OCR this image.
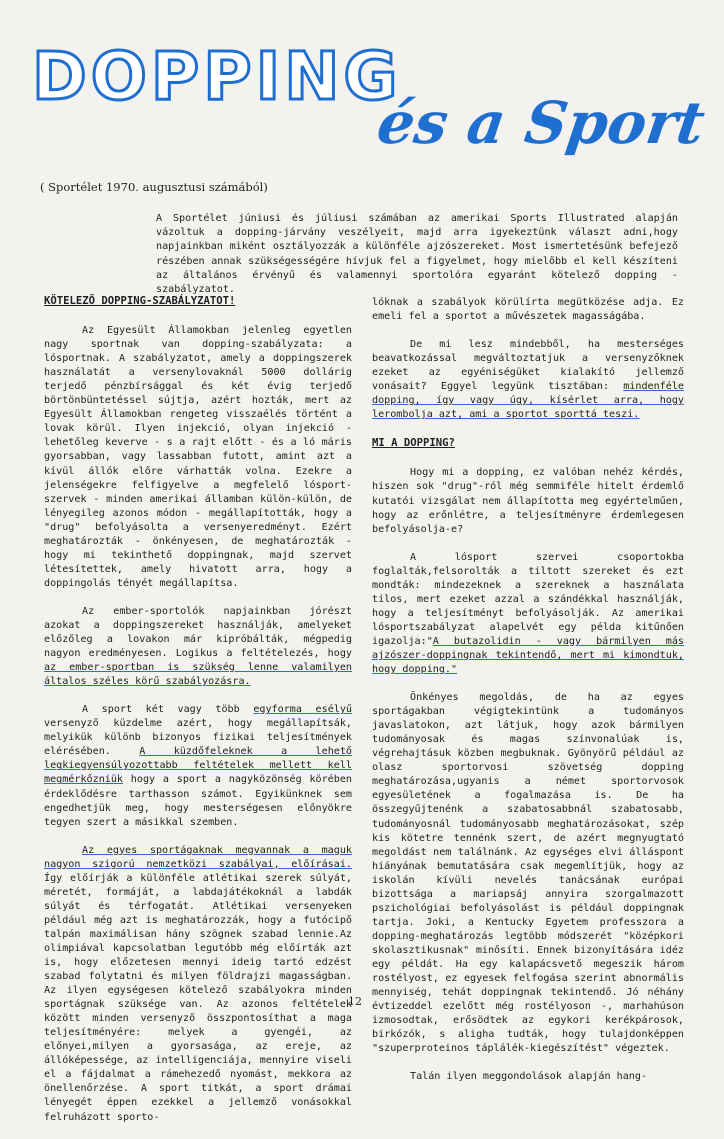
DOPPING
és a Sport

( Sportélet 1970. augusztusi számából)

A Sportélet júniusi és júliusi számában az amerikai Sports Illustrated alapján vázoltuk a dopping-járvány veszélyeit, majd arra igyekeztünk választ adni,hogy napjainkban miként osztályozzák a különféle ajzószereket. Most ismertetésünk befejező részében annak szükségességére hívjuk fel a figyelmet, hogy mielőbb el kell készíteni az általános érvényű és valamennyi sportolóra egyaránt kötelező dopping - szabályzatot.

KÖTELEZŐ DOPPING-SZABÁLYZATOT!

Az Egyesült Államokban jelenleg egyetlen nagy sportnak van dopping-szabályzata: a lósportnak. A szabályzatot, amely a doppingszerek használatát a versenylovaknál 5000 dollárig terjedő pénzbírsággal és két évig terjedő börtönbüntetéssel sújtja, azért hozták, mert az Egyesült Államokban rengeteg visszaélés történt a lovak körül. Ilyen injekció, olyan injekció - lehetőleg keverve - s a rajt előtt - és a ló máris gyorsabban, vagy lassabban futott, amint azt a kívül állók előre várhatták volna. Ezekre a jelenségekre felfigyelve a megfelelő lósport-szervek - minden amerikai államban külön-külön, de lényegileg azonos módon - megállapították, hogy a "drug" befolyásolta a versenyeredményt. Ezért meghatározták - önkényesen, de meghatározták - hogy mi tekinthető doppingnak, majd szervet létesítettek, amely hivatott arra, hogy a doppingolás tényét megállapítsa.

Az ember-sportolók napjainkban jórészt azokat a doppingszereket használják, amelyeket előzőleg a lovakon már kipróbálták, mégpedig nagyon eredményesen. Logikus a feltételezés, hogy az ember-sportban is szükség lenne valamilyen általos széles körű szabályozásra.

A sport két vagy több egyforma esélyű versenyző küzdelme azért, hogy megállapítsák, melyikük különb bizonyos fizikai teljesítmények elérésében.	A küzdőfeleknek a lehető legkiegyensúlyozottabb feltételek mellett kell megmérkőzniük hogy a sport a nagyközönség körében érdeklődésre tarthasson számot. Egyikünknek sem engedhetjük meg, hogy mesterségesen előnyökre tegyen szert a másikkal szemben.

Az egyes sportágaknak megvannak a maguk nagyon szigorú nemzetközi szabályai, előírásai. Így előírják a különféle atlétikai szerek súlyát, méretét, formáját, a labdajátékoknál a labdák súlyát és térfogatát. Atlétikai versenyeken például még azt is meghatározzák, hogy a futócipő talpán maximálisan hány szögnek szabad lennie.Az olimpiával kapcsolatban legutóbb még előírták azt is, hogy előzetesen mennyi ideig tartó edzést szabad folytatni és milyen földrajzi magasságban. Az ilyen egységesen kötelező szabályokra minden sportágnak szüksége van. Az azonos feltételek között minden versenyző összpontosíthat a maga teljesítményére: melyek a gyengéi, az előnyei,milyen a gyorsasága, az ereje, az állóképessége, az intelligenciája, mennyire viseli el a fájdalmat a rámehezedő nyomást, mekkora az önellenőrzése. A sport titkát, a sport drámai lényegét éppen ezekkel a jellemző vonásokkal felruházott sporto-

lóknak a szabályok körülírta megütközése adja. Ez emeli fel a sportot a művészetek magasságába.

De mi lesz mindebből, ha mesterséges beavatkozással megváltoztatjuk a versenyzőknek ezeket az egyéniségüket kialakító jellemző vonásait? Eggyel legyünk tisztában: mindenféle dopping, így vagy úgy, kísérlet arra, hogy lerombolja azt, ami a sportot sporttá teszi.

MI A DOPPING?

Hogy mi a dopping, ez valóban nehéz kérdés, hiszen sok "drug"-ról még semmiféle hitelt érdemlő kutatói vizsgálat nem állapította meg egyértelműen, hogy az erőnlétre, a teljesítményre érdemlegesen befolyásolja-e?

A lósport szervei csoportokba foglalták,felsorolták a tiltott szereket és ezt mondták: mindezeknek a szereknek a használata tilos, mert ezeket azzal a szándékkal használják, hogy a teljesítményt befolyásolják. Az amerikai lósportszabályzat alapelvét egy példa kitűnően igazolja:"A butazolidin - vagy bármilyen más ajzószer-doppingnak tekintendő, mert mi kimondtuk, hogy dopping."

Önkényes megoldás, de ha az egyes sportágakban végigtekintünk a tudományos javaslatokon, azt látjuk, hogy azok bármilyen tudományosak és magas színvonalúak is, végrehajtásuk közben megbuknak. Gyönyörű például az olasz sportorvosi szövetség dopping meghatározása,ugyanis a német sportorvosok egyesületének a fogalmazása is. De ha összegyűjtenénk a szabatosabbnál szabatosabb, tudományosnál tudományosabb meghatározásokat, szép kis kötetre tennénk szert, de azért megnyugtató megoldást nem találnánk. Az egységes elvi álláspont hiányának bemutatására csak megemlítjük, hogy az iskolán kívüli nevelés tanácsának európai bizottsága a mariapsáj annyira szorgalmazott pszichológiai befolyásolást is például doppingnak tartja. Joki, a Kentucky Egyetem professzora a dopping-meghatározás legtöbb módszerét "középkori skolasztikusnak" minősíti. Ennek bizonyítására idéz egy példát. Ha egy kalapácsvető megeszik három rostélyost, ez egyesek felfogása szerint abnormális mennyiség, tehát doppingnak tekintendő. Jó néhány évtizeddel ezelőtt még rostélyoson -, marhahúson izmosodtak, erősödtek az egykori kerékpárosok, birkózók, s aligha tudták, hogy tulajdonképpen "szuperproteinos táplálék-kiegészítést" végeztek.

Talán ilyen meggondolások alapján hang-

12
